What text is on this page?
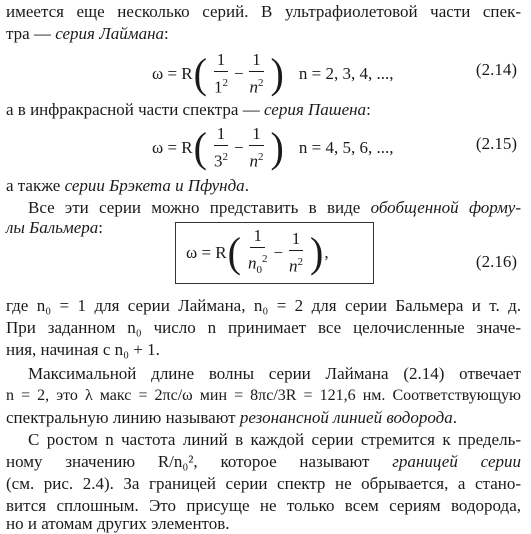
имеется еще несколько серий. В ультрафиолетовой части спек-
тра — серия Лаймана:
ω = R ( $\frac{1}{1^2} - \frac{1}{n^2}$ ) n = 2, 3, 4, ...,	(2.14)
а в инфракрасной части спектра — серия Пашена:
ω = R ( $\frac{1}{3^2} - \frac{1}{n^2}$ ) n = 4, 5, 6, ...,	(2.15)
а также серии Брэкета и Пфунда.
Все эти серии можно представить в виде обобщенной форму-
лы Бальмера:
ω = R ( $\frac{1}{n_0^2} - \frac{1}{n^2}$ ) ,	(2.16)
где n₀ = 1 для серии Лаймана, n₀ = 2 для серии Бальмера и т. д.
При заданном n₀ число n принимает все целочисленные значе-
ния, начиная с n₀ + 1.
Максимальной длине волны серии Лаймана (2.14) отвечает
n = 2, это λ макс = 2πc/ω мин = 8πc/3R = 121,6 нм. Соответствующую
спектральную линию называют резонансной линией водорода.
С ростом n частота линий в каждой серии стремится к предель-
ному значению R/n₀², которое называют границей серии
(см. рис. 2.4). За границей серии спектр не обрывается, а стано-
вится сплошным. Это присуще не только всем сериям водорода,
но и атомам других элементов.
